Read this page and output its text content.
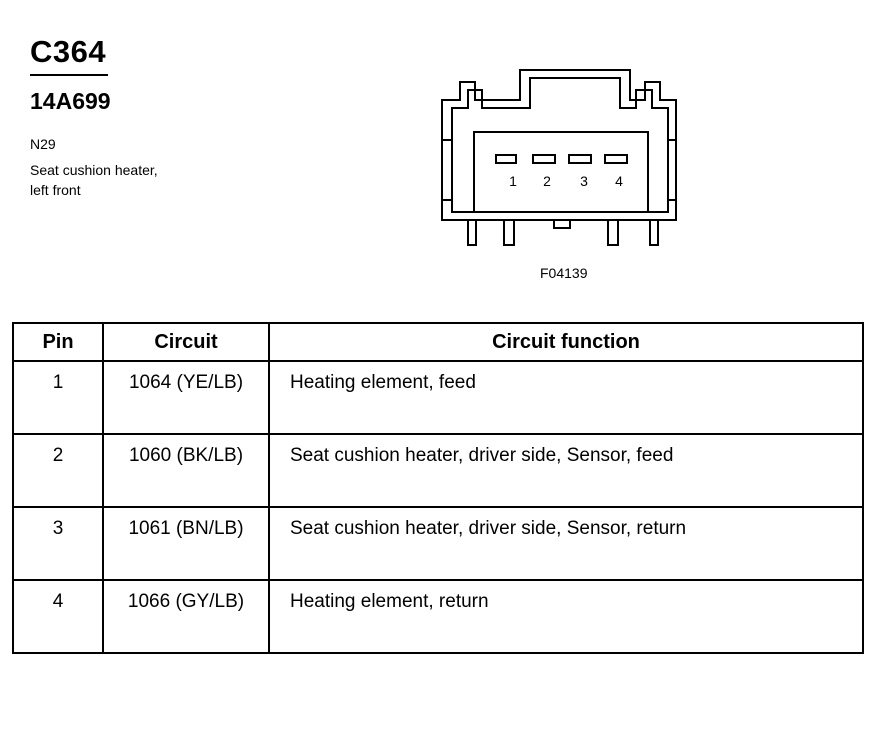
C364
14A699
N29
Seat cushion heater,
left front
1 2 3 4
F04139
Pin	Circuit	Circuit function
1	1064 (YE/LB)	Heating element, feed
2	1060 (BK/LB)	Seat cushion heater, driver side, Sensor, feed
3	1061 (BN/LB)	Seat cushion heater, driver side, Sensor, return
4	1066 (GY/LB)	Heating element, return
